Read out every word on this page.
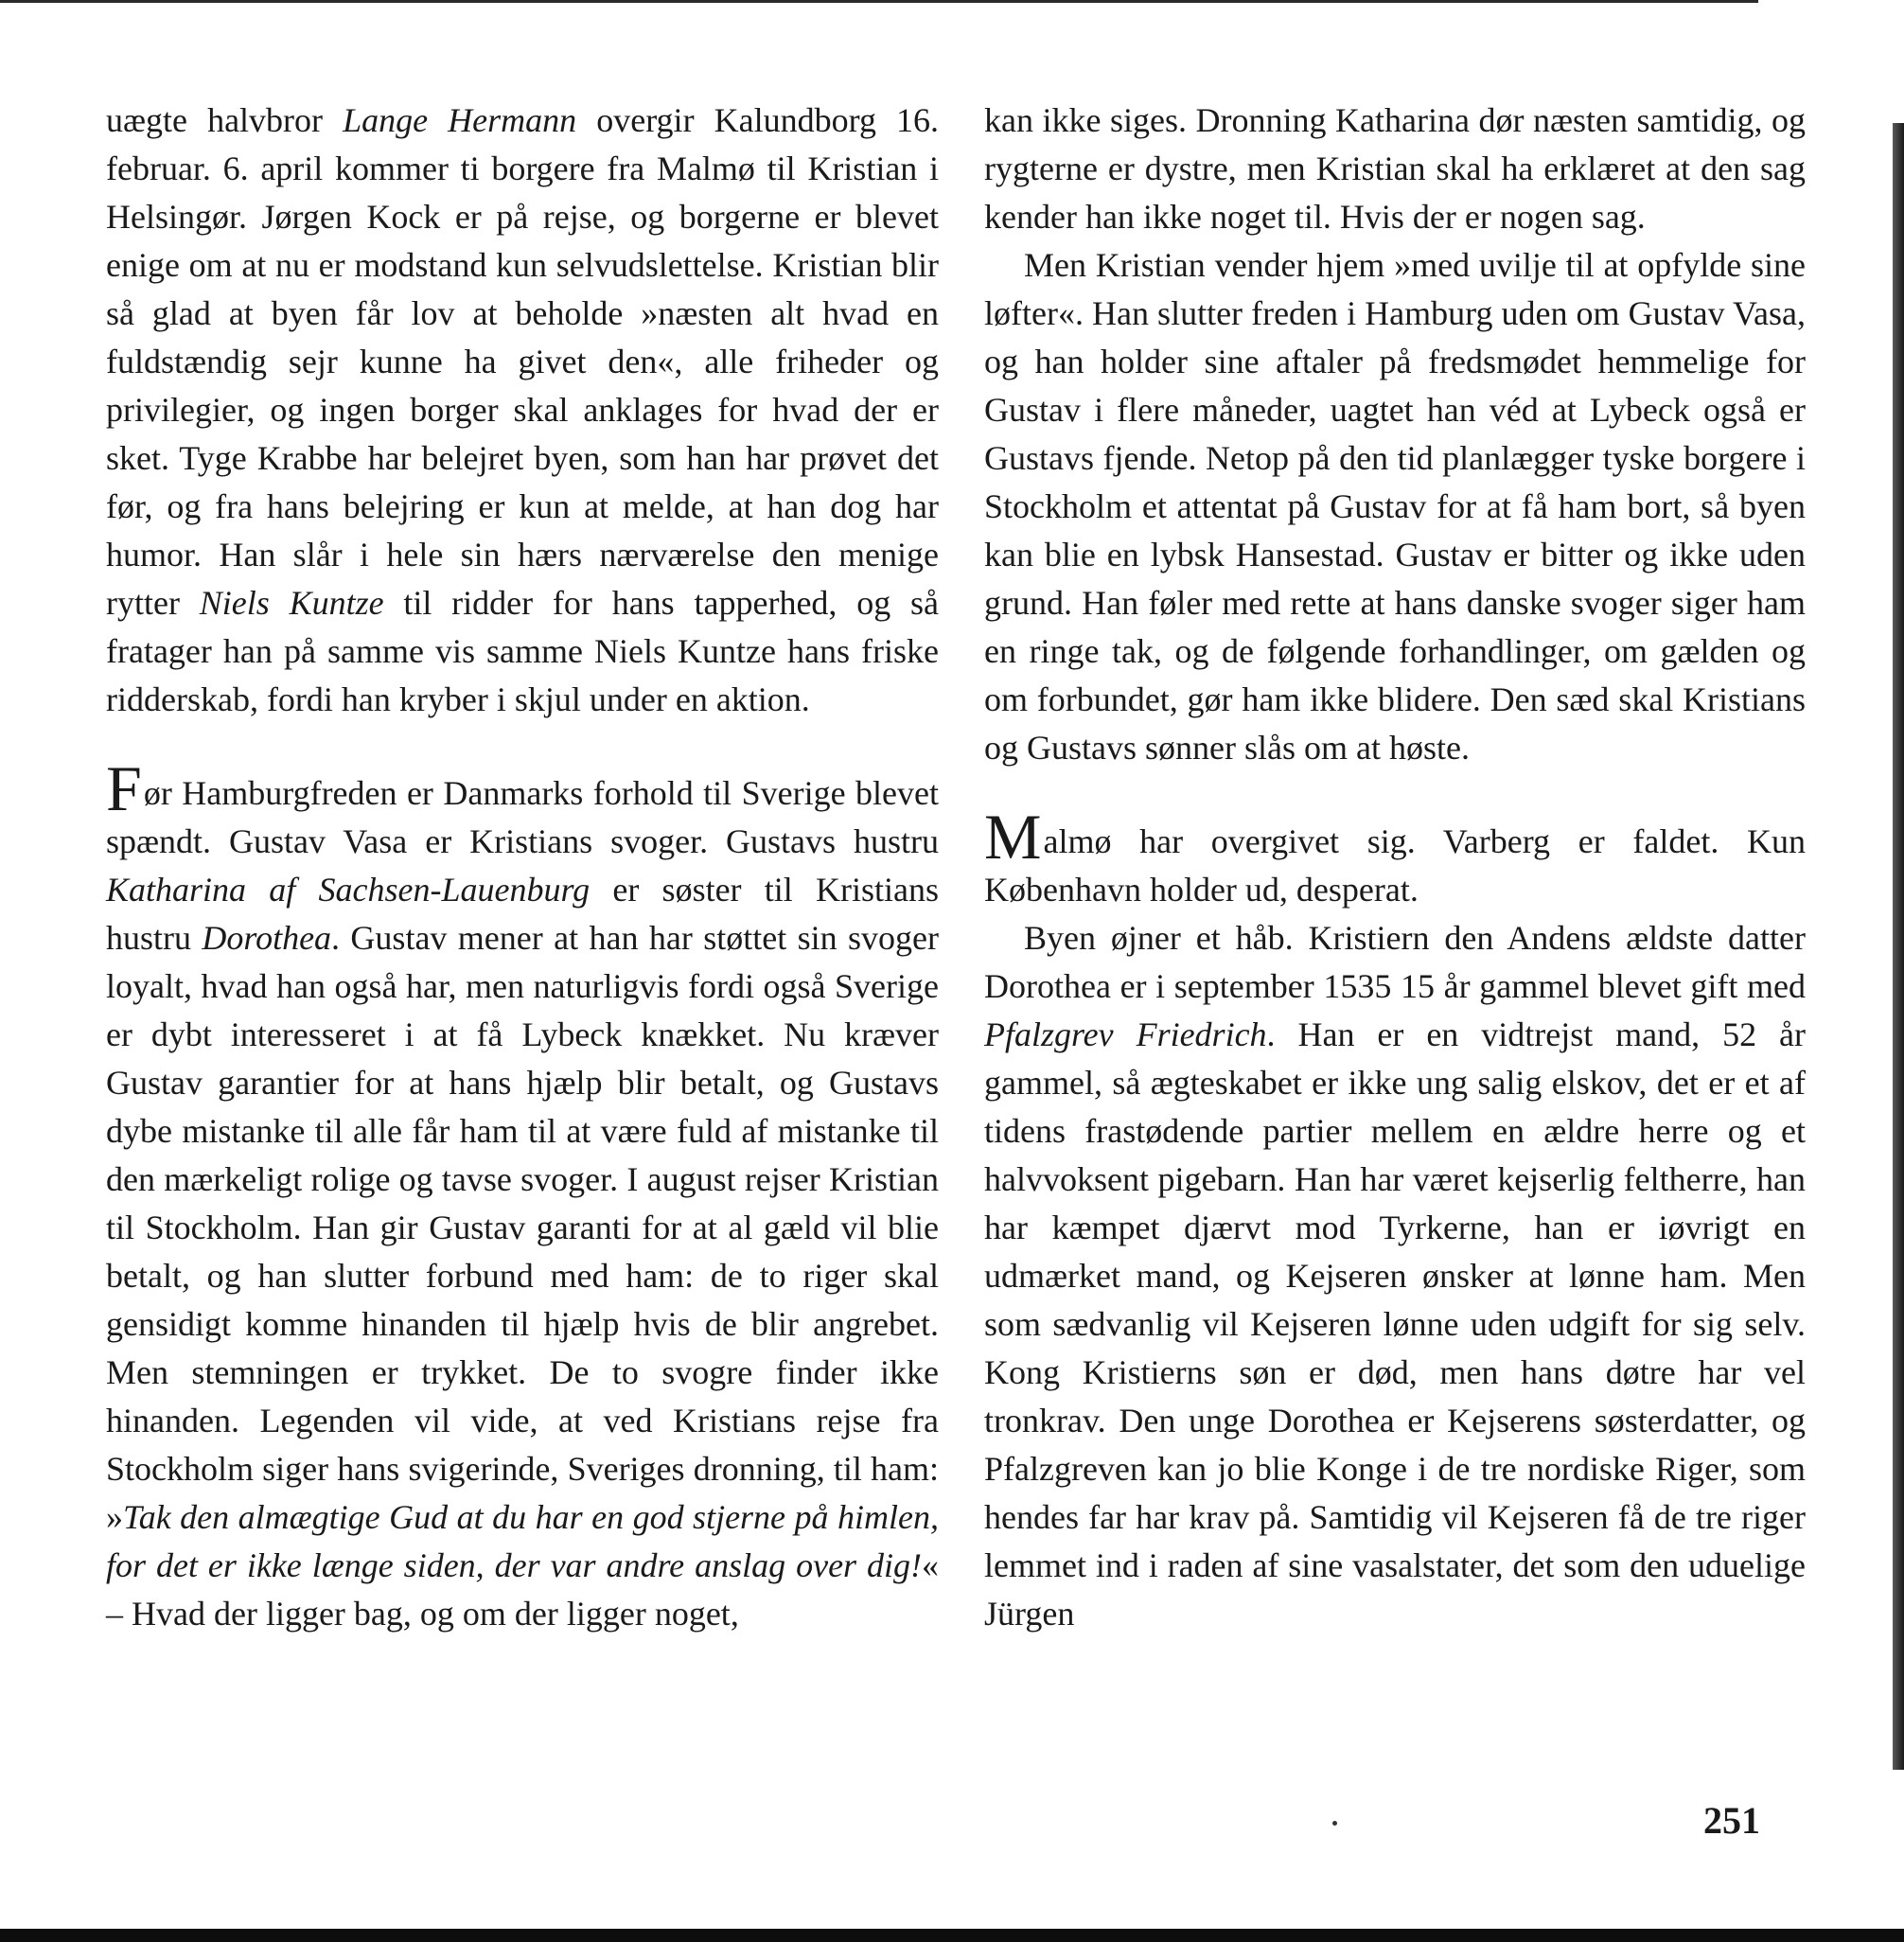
uægte halvbror Lange Hermann overgir Kalundborg 16. februar. 6. april kommer ti borgere fra Malmø til Kristian i Helsingør. Jørgen Kock er på rejse, og borgerne er blevet enige om at nu er modstand kun selvudslettelse. Kristian blir så glad at byen får lov at beholde »næsten alt hvad en fuldstændig sejr kunne ha givet den«, alle friheder og privilegier, og ingen borger skal anklages for hvad der er sket. Tyge Krabbe har belejret byen, som han har prøvet det før, og fra hans belejring er kun at melde, at han dog har humor. Han slår i hele sin hærs nærværelse den menige rytter Niels Kuntze til ridder for hans tapperhed, og så fratager han på samme vis samme Niels Kuntze hans friske ridderskab, fordi han kryber i skjul under en aktion.

Før Hamburgfreden er Danmarks forhold til Sverige blevet spændt. Gustav Vasa er Kristians svoger. Gustavs hustru Katharina af Sachsen-Lauenburg er søster til Kristians hustru Dorothea. Gustav mener at han har støttet sin svoger loyalt, hvad han også har, men naturligvis fordi også Sverige er dybt interesseret i at få Lybeck knækket. Nu kræver Gustav garantier for at hans hjælp blir betalt, og Gustavs dybe mistanke til alle får ham til at være fuld af mistanke til den mærkeligt rolige og tavse svoger. I august rejser Kristian til Stockholm. Han gir Gustav garanti for at al gæld vil blie betalt, og han slutter forbund med ham: de to riger skal gensidigt komme hinanden til hjælp hvis de blir angrebet. Men stemningen er trykket. De to svogre finder ikke hinanden. Legenden vil vide, at ved Kristians rejse fra Stockholm siger hans svigerinde, Sveriges dronning, til ham: »Tak den almægtige Gud at du har en god stjerne på himlen, for det er ikke længe siden, der var andre anslag over dig!« – Hvad der ligger bag, og om der ligger noget,

kan ikke siges. Dronning Katharina dør næsten samtidig, og rygterne er dystre, men Kristian skal ha erklæret at den sag kender han ikke noget til. Hvis der er nogen sag.

Men Kristian vender hjem »med uvilje til at opfylde sine løfter«. Han slutter freden i Hamburg uden om Gustav Vasa, og han holder sine aftaler på fredsmødet hemmelige for Gustav i flere måneder, uagtet han véd at Lybeck også er Gustavs fjende. Netop på den tid planlægger tyske borgere i Stockholm et attentat på Gustav for at få ham bort, så byen kan blie en lybsk Hansestad. Gustav er bitter og ikke uden grund. Han føler med rette at hans danske svoger siger ham en ringe tak, og de følgende forhandlinger, om gælden og om forbundet, gør ham ikke blidere. Den sæd skal Kristians og Gustavs sønner slås om at høste.

Malmø har overgivet sig. Varberg er faldet. Kun København holder ud, desperat.

Byen øjner et håb. Kristiern den Andens ældste datter Dorothea er i september 1535 15 år gammel blevet gift med Pfalzgrev Friedrich. Han er en vidtrejst mand, 52 år gammel, så ægteskabet er ikke ung salig elskov, det er et af tidens frastødende partier mellem en ældre herre og et halvvoksent pigebarn. Han har været kejserlig feltherre, han har kæmpet djærvt mod Tyrkerne, han er iøvrigt en udmærket mand, og Kejseren ønsker at lønne ham. Men som sædvanlig vil Kejseren lønne uden udgift for sig selv. Kong Kristierns søn er død, men hans døtre har vel tronkrav. Den unge Dorothea er Kejserens søsterdatter, og Pfalzgreven kan jo blie Konge i de tre nordiske Riger, som hendes far har krav på. Samtidig vil Kejseren få de tre riger lemmet ind i raden af sine vasalstater, det som den uduelige Jürgen

251
